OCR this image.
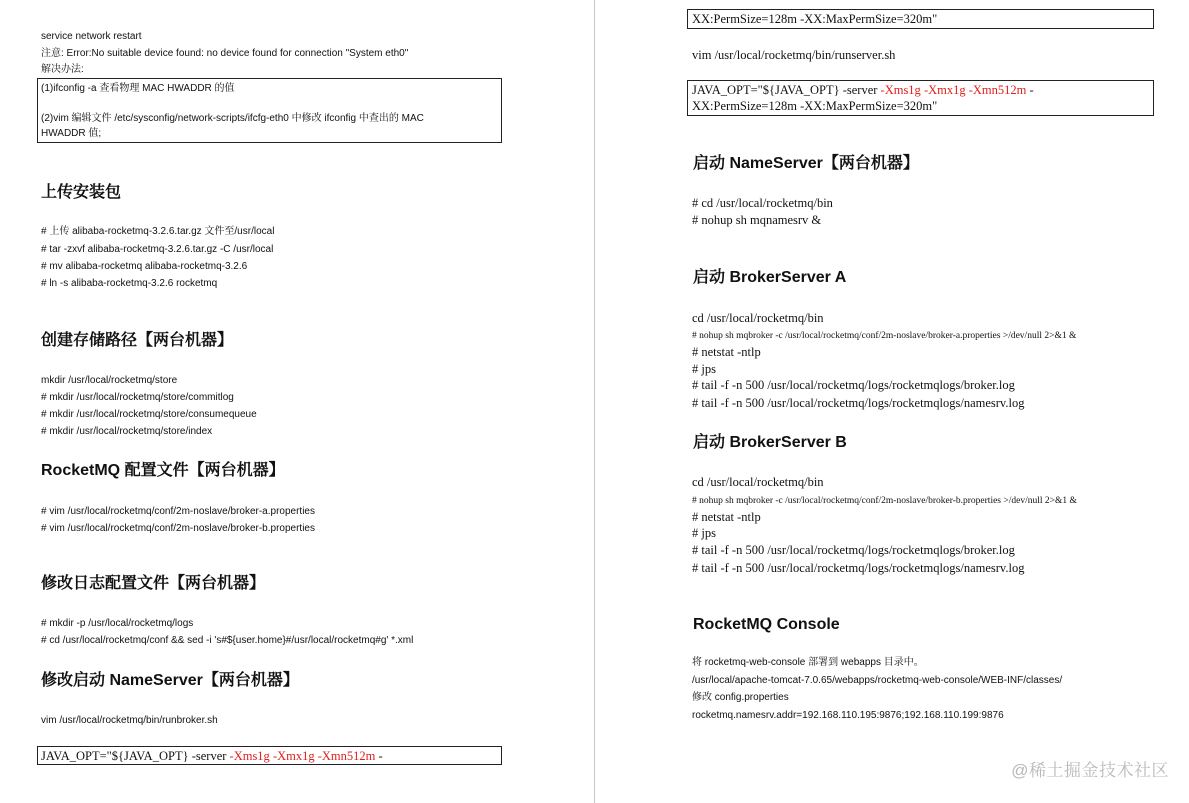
service network restart
注意: Error:No suitable device found: no device found for connection "System eth0"
解决办法:
(1)ifconfig -a 查看物理 MAC HWADDR 的值
(2)vim 编辑文件 /etc/sysconfig/network-scripts/ifcfg-eth0 中修改 ifconfig 中查出的 MAC
HWADDR 值;
上传安装包
# 上传 alibaba-rocketmq-3.2.6.tar.gz 文件至/usr/local
# tar -zxvf alibaba-rocketmq-3.2.6.tar.gz -C /usr/local
# mv alibaba-rocketmq alibaba-rocketmq-3.2.6
# ln -s alibaba-rocketmq-3.2.6 rocketmq
创建存储路径【两台机器】
mkdir /usr/local/rocketmq/store
# mkdir /usr/local/rocketmq/store/commitlog
# mkdir /usr/local/rocketmq/store/consumequeue
# mkdir /usr/local/rocketmq/store/index
RocketMQ 配置文件【两台机器】
# vim /usr/local/rocketmq/conf/2m-noslave/broker-a.properties
# vim /usr/local/rocketmq/conf/2m-noslave/broker-b.properties
修改日志配置文件【两台机器】
# mkdir -p /usr/local/rocketmq/logs
# cd /usr/local/rocketmq/conf && sed -i 's#${user.home}#/usr/local/rocketmq#g' *.xml
修改启动 NameServer【两台机器】
vim /usr/local/rocketmq/bin/runbroker.sh
JAVA_OPT="${JAVA_OPT} -server -Xms1g -Xmx1g -Xmn512m -
XX:PermSize=128m -XX:MaxPermSize=320m"
vim /usr/local/rocketmq/bin/runserver.sh
JAVA_OPT="${JAVA_OPT} -server -Xms1g -Xmx1g -Xmn512m -
XX:PermSize=128m -XX:MaxPermSize=320m"
启动 NameServer【两台机器】
# cd /usr/local/rocketmq/bin
# nohup sh mqnamesrv &
启动 BrokerServer A
cd /usr/local/rocketmq/bin
# nohup sh mqbroker -c /usr/local/rocketmq/conf/2m-noslave/broker-a.properties >/dev/null 2>&1 &
# netstat -ntlp
# jps
# tail -f -n 500 /usr/local/rocketmq/logs/rocketmqlogs/broker.log
# tail -f -n 500 /usr/local/rocketmq/logs/rocketmqlogs/namesrv.log
启动 BrokerServer B
cd /usr/local/rocketmq/bin
# nohup sh mqbroker -c /usr/local/rocketmq/conf/2m-noslave/broker-b.properties >/dev/null 2>&1 &
# netstat -ntlp
# jps
# tail -f -n 500 /usr/local/rocketmq/logs/rocketmqlogs/broker.log
# tail -f -n 500 /usr/local/rocketmq/logs/rocketmqlogs/namesrv.log
RocketMQ Console
将 rocketmq-web-console 部署到 webapps 目录中。
/usr/local/apache-tomcat-7.0.65/webapps/rocketmq-web-console/WEB-INF/classes/
修改 config.properties
rocketmq.namesrv.addr=192.168.110.195:9876;192.168.110.199:9876
@稀土掘金技术社区
